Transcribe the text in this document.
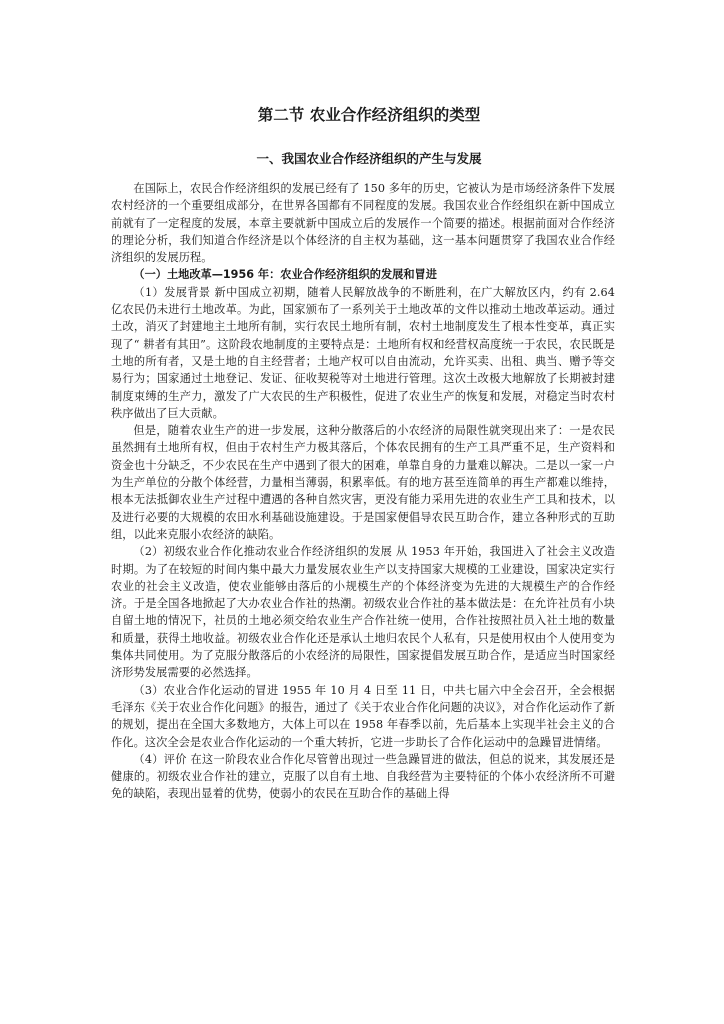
第二节 农业合作经济组织的类型
一、我国农业合作经济组织的产生与发展

在国际上，农民合作经济组织的发展已经有了 150 多年的历史，它被认为是市场经济条件下发展农村经济的一个重要组成部分，在世界各国都有不同程度的发展。我国农业合作经组织在新中国成立前就有了一定程度的发展，本章主要就新中国成立后的发展作一个简要的描述。根据前面对合作经济的理论分析，我们知道合作经济是以个体经济的自主权为基础，这一基本问题贯穿了我国农业合作经济组织的发展历程。

（一）土地改革—1956 年：农业合作经济组织的发展和冒进

（1）发展背景 新中国成立初期，随着人民解放战争的不断胜利，在广大解放区内，约有 2.64 亿农民仍未进行土地改革。为此，国家颁布了一系列关于土地改革的文件以推动土地改革运动。通过土改，消灭了封建地主土地所有制，实行农民土地所有制，农村土地制度发生了根本性变革，真正实现了“ 耕者有其田”。这阶段农地制度的主要特点是：土地所有权和经营权高度统一于农民，农民既是土地的所有者，又是土地的自主经营者；土地产权可以自由流动，允许买卖、出租、典当、赠予等交易行为；国家通过土地登记、发证、征收契税等对土地进行管理。这次土改极大地解放了长期被封建制度束缚的生产力，激发了广大农民的生产积极性，促进了农业生产的恢复和发展，对稳定当时农村秩序做出了巨大贡献。

但是，随着农业生产的进一步发展，这种分散落后的小农经济的局限性就突现出来了：一是农民虽然拥有土地所有权，但由于农村生产力极其落后，个体农民拥有的生产工具严重不足，生产资料和资金也十分缺乏，不少农民在生产中遇到了很大的困难，单靠自身的力量难以解决。二是以一家一户为生产单位的分散个体经营，力量相当薄弱，积累率低。有的地方甚至连简单的再生产都难以维持，根本无法抵御农业生产过程中遭遇的各种自然灾害，更没有能力采用先进的农业生产工具和技术，以及进行必要的大规模的农田水利基础设施建设。于是国家便倡导农民互助合作，建立各种形式的互助组，以此来克服小农经济的缺陷。

（2）初级农业合作化推动农业合作经济组织的发展 从 1953 年开始，我国进入了社会主义改造时期。为了在较短的时间内集中最大力量发展农业生产以支持国家大规模的工业建设，国家决定实行农业的社会主义改造，使农业能够由落后的小规模生产的个体经济变为先进的大规模生产的合作经济。于是全国各地掀起了大办农业合作社的热潮。初级农业合作社的基本做法是：在允许社员有小块自留土地的情况下，社员的土地必须交给农业生产合作社统一使用，合作社按照社员入社土地的数量和质量，获得土地收益。初级农业合作化还是承认土地归农民个人私有，只是使用权由个人使用变为集体共同使用。为了克服分散落后的小农经济的局限性，国家提倡发展互助合作，是适应当时国家经济形势发展需要的必然选择。

（3）农业合作化运动的冒进 1955 年 10 月 4 日至 11 日，中共七届六中全会召开，全会根据毛泽东《关于农业合作化问题》的报告，通过了《关于农业合作化问题的决议》，对合作化运动作了新的规划，提出在全国大多数地方，大体上可以在 1958 年春季以前，先后基本上实现半社会主义的合作化。这次全会是农业合作化运动的一个重大转折，它进一步助长了合作化运动中的急躁冒进情绪。

（4）评价 在这一阶段农业合作化尽管曾出现过一些急躁冒进的做法，但总的说来，其发展还是健康的。初级农业合作社的建立，克服了以自有土地、自我经营为主要特征的个体小农经济所不可避免的缺陷，表现出显着的优势，使弱小的农民在互助合作的基础上得
